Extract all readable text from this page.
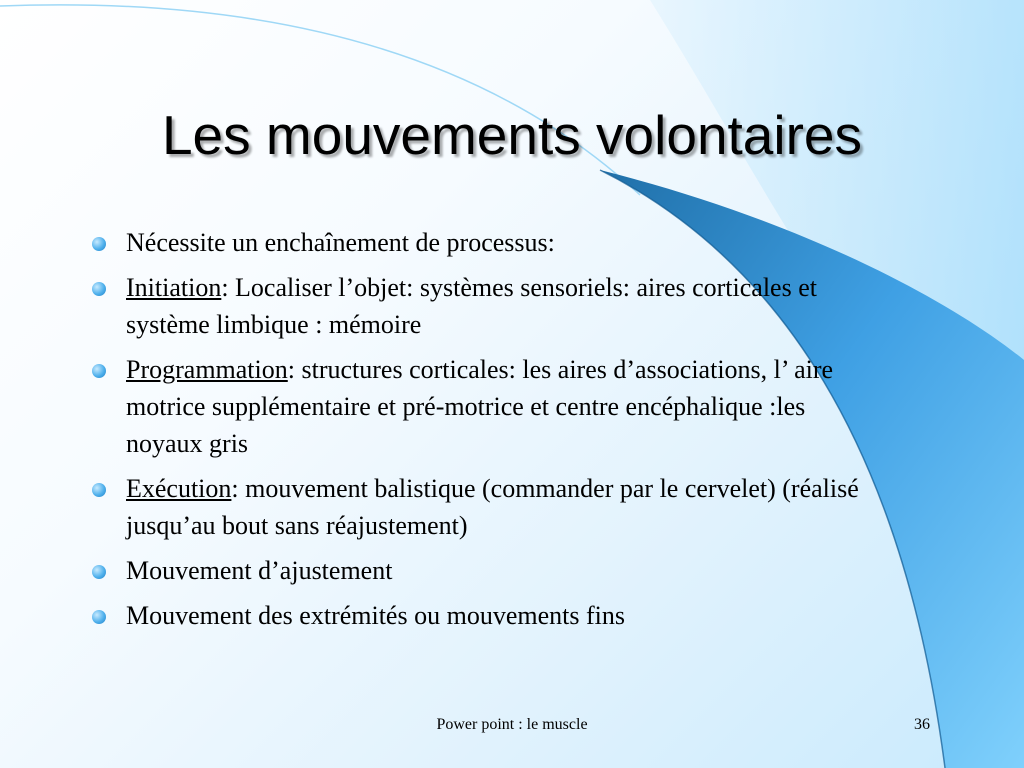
Les mouvements volontaires
Nécessite un enchaînement de processus:
Initiation: Localiser l’objet: systèmes sensoriels: aires corticales et système limbique : mémoire
Programmation: structures corticales: les aires d’associations, l’ aire motrice supplémentaire et pré-motrice et centre encéphalique :les noyaux gris
Exécution: mouvement balistique (commander par le cervelet) (réalisé jusqu’au bout sans réajustement)
Mouvement d’ajustement
Mouvement des extrémités ou mouvements fins
Power point : le muscle	36
